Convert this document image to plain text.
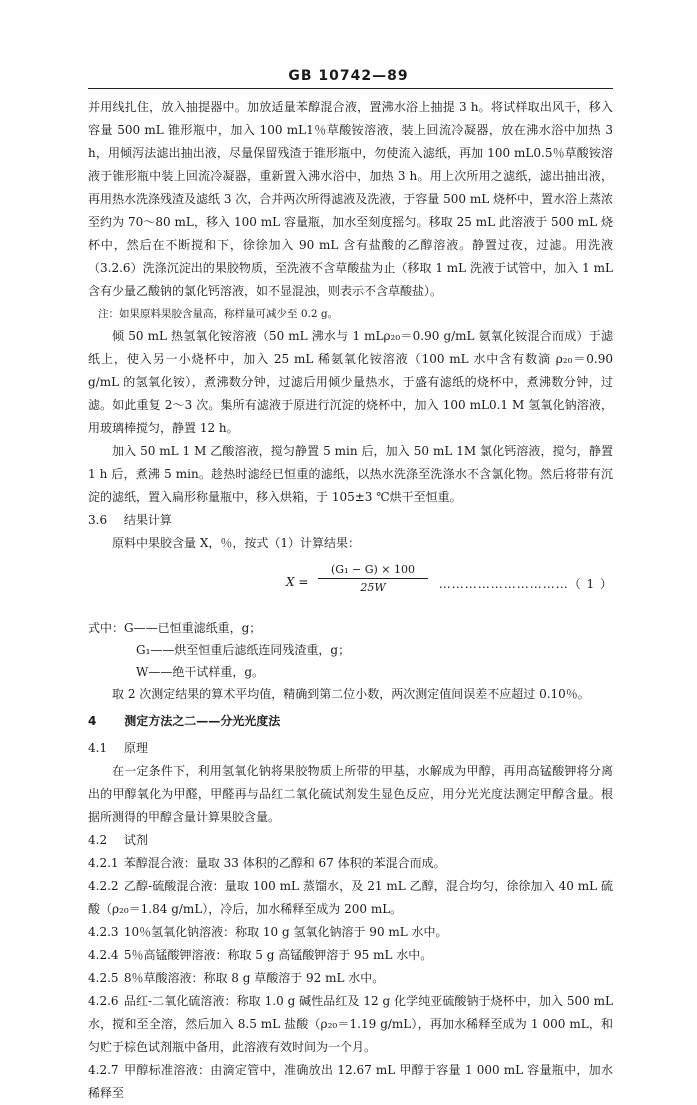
GB 10742—89

并用线扎住，放入抽提器中。加放适量苯醇混合液，置沸水浴上抽提 3 h。将试样取出风干，移入容量 500 mL 锥形瓶中，加入 100 mL1％草酸铵溶液，装上回流冷凝器，放在沸水浴中加热 3 h，用倾泻法滤出抽出液，尽量保留残渣于锥形瓶中，勿使流入滤纸，再加 100 mL0.5％草酸铵溶液于锥形瓶中装上回流冷凝器，重新置入沸水浴中，加热 3 h。用上次所用之滤纸，滤出抽出液，再用热水洗涤残渣及滤纸 3 次，合并两次所得滤液及洗液，于容量 500 mL 烧杯中，置水浴上蒸浓至约为 70～80 mL，移入 100 mL 容量瓶，加水至刻度摇匀。移取 25 mL 此溶液于 500 mL 烧杯中，然后在不断搅和下，徐徐加入 90 mL 含有盐酸的乙醇溶液。静置过夜，过滤。用洗液（3.2.6）洗涤沉淀出的果胶物质，至洗液不含草酸盐为止（移取 1 mL 洗液于试管中，加入 1 mL 含有少量乙酸钠的氯化钙溶液，如不显混浊，则表示不含草酸盐）。

注：如果原料果胶含量高，称样量可减少至 0.2 g。

倾 50 mL 热氢氧化铵溶液（50 mL 沸水与 1 mLρ₂₀＝0.90 g/mL 氨氧化铵混合而成）于滤纸上，使入另一小烧杯中，加入 25 mL 稀氨氧化铵溶液（100 mL 水中含有数滴 ρ₂₀＝0.90 g/mL 的氢氧化铵），煮沸数分钟，过滤后用倾少量热水，于盛有滤纸的烧杯中，煮沸数分钟，过滤。如此重复 2～3 次。集所有滤液于原进行沉淀的烧杯中，加入 100 mL0.1 M 氢氧化钠溶液，用玻璃棒搅匀，静置 12 h。

加入 50 mL 1 M 乙酸溶液，搅匀静置 5 min 后，加入 50 mL 1M 氯化钙溶液，搅匀，静置 1 h 后，煮沸 5 min。趁热时滤经已恒重的滤纸，以热水洗涤至洗涤水不含氯化物。然后将带有沉淀的滤纸，置入扁形称量瓶中，移入烘箱，于 105±3 ℃烘干至恒重。

3.6 结果计算

原料中果胶含量 X，％，按式（1）计算结果：

$X = \frac{\text{(G₁ − G) × 100}}{25W}$ …………………………（ 1 ）

式中：G——已恒重滤纸重，g；

G₁——烘至恒重后滤纸连同残渣重，g；

W——绝干试样重，g。

取 2 次测定结果的算术平均值，精确到第二位小数，两次测定值间误差不应超过 0.10％。

4 测定方法之二——分光光度法

4.1 原理

在一定条件下，利用氢氧化钠将果胶物质上所带的甲基，水解成为甲醇，再用高锰酸钾将分离出的甲醇氧化为甲醛，甲醛再与品红二氧化硫试剂发生显色反应，用分光光度法测定甲醇含量。根据所测得的甲醇含量计算果胶含量。

4.2 试剂

4.2.1 苯醇混合液：量取 33 体积的乙醇和 67 体积的苯混合而成。

4.2.2 乙醇-硫酸混合液：量取 100 mL 蒸馏水，及 21 mL 乙醇，混合均匀，徐徐加入 40 mL 硫酸（ρ₂₀＝1.84 g/mL），冷后，加水稀释至成为 200 mL。

4.2.3 10％氢氧化钠溶液：称取 10 g 氢氧化钠溶于 90 mL 水中。

4.2.4 5％高锰酸钾溶液：称取 5 g 高锰酸钾溶于 95 mL 水中。

4.2.5 8％草酸溶液：称取 8 g 草酸溶于 92 mL 水中。

4.2.6 品红-二氧化硫溶液：称取 1.0 g 碱性品红及 12 g 化学纯亚硫酸钠于烧杯中，加入 500 mL 水，搅和至全溶，然后加入 8.5 mL 盐酸（ρ₂₀＝1.19 g/mL），再加水稀释至成为 1 000 mL，和匀贮于棕色试剂瓶中备用，此溶液有效时间为一个月。

4.2.7 甲醇标准溶液：由滴定管中，准确放出 12.67 mL 甲醇于容量 1 000 mL 容量瓶中，加水稀释至
